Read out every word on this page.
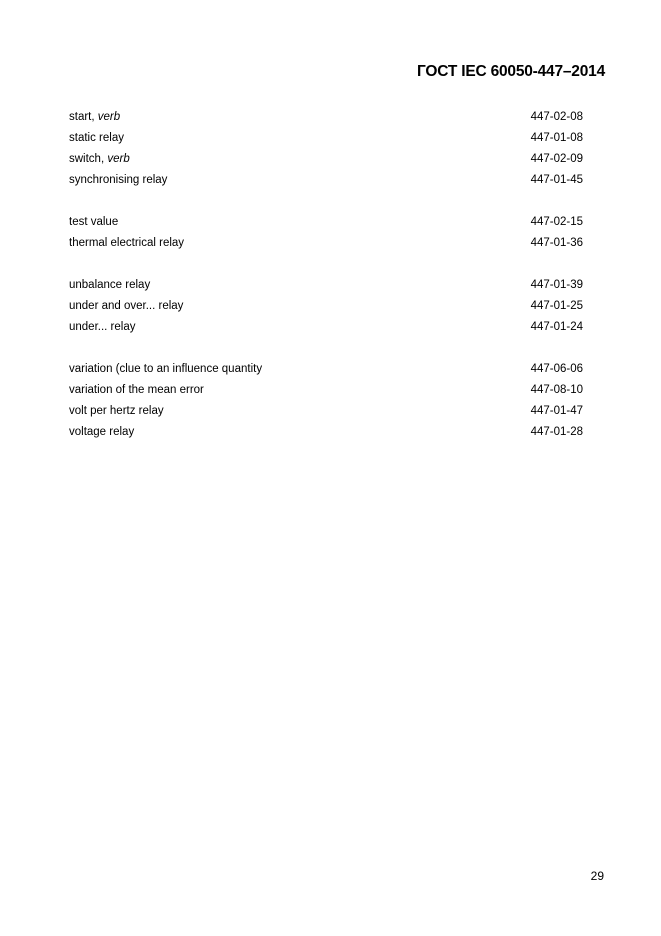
ГОСТ IEC 60050-447–2014
start, verb	447-02-08
static relay	447-01-08
switch, verb	447-02-09
synchronising relay	447-01-45
test value	447-02-15
thermal electrical relay	447-01-36
unbalance relay	447-01-39
under and over... relay	447-01-25
under... relay	447-01-24
variation (clue to an influence quantity	447-06-06
variation of the mean error	447-08-10
volt per hertz relay	447-01-47
voltage relay	447-01-28
29
